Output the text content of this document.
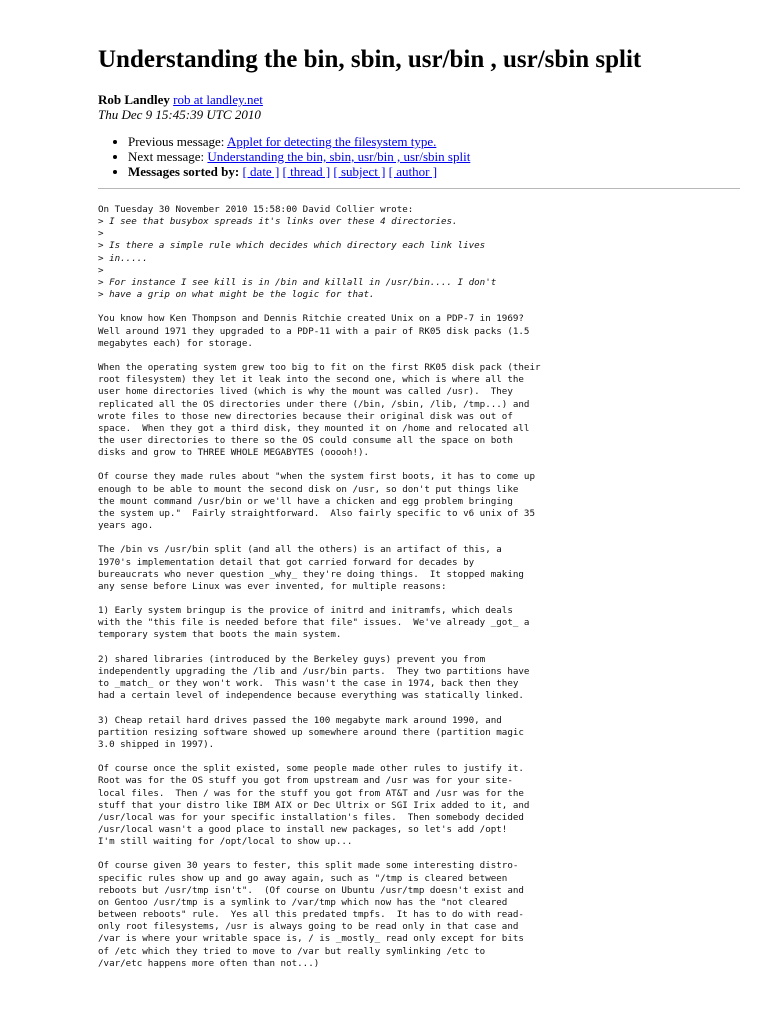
Understanding the bin, sbin, usr/bin , usr/sbin split
Rob Landley rob at landley.net
Thu Dec 9 15:45:39 UTC 2010
• Previous message: Applet for detecting the filesystem type.
• Next message: Understanding the bin, sbin, usr/bin , usr/sbin split
• Messages sorted by: [ date ] [ thread ] [ subject ] [ author ]
On Tuesday 30 November 2010 15:58:00 David Collier wrote:
> I see that busybox spreads it's links over these 4 directories.
>
> Is there a simple rule which decides which directory each link lives
> in.....
>
> For instance I see kill is in /bin and killall in /usr/bin.... I don't
> have a grip on what might be the logic for that.

You know how Ken Thompson and Dennis Ritchie created Unix on a PDP-7 in 1969?
Well around 1971 they upgraded to a PDP-11 with a pair of RK05 disk packs (1.5
megabytes each) for storage.

When the operating system grew too big to fit on the first RK05 disk pack (their
root filesystem) they let it leak into the second one, which is where all the
user home directories lived (which is why the mount was called /usr).  They
replicated all the OS directories under there (/bin, /sbin, /lib, /tmp...) and
wrote files to those new directories because their original disk was out of
space.  When they got a third disk, they mounted it on /home and relocated all
the user directories to there so the OS could consume all the space on both
disks and grow to THREE WHOLE MEGABYTES (ooooh!).

Of course they made rules about "when the system first boots, it has to come up
enough to be able to mount the second disk on /usr, so don't put things like
the mount command /usr/bin or we'll have a chicken and egg problem bringing
the system up."  Fairly straightforward.  Also fairly specific to v6 unix of 35
years ago.

The /bin vs /usr/bin split (and all the others) is an artifact of this, a
1970's implementation detail that got carried forward for decades by
bureaucrats who never question _why_ they're doing things.  It stopped making
any sense before Linux was ever invented, for multiple reasons:

1) Early system bringup is the provice of initrd and initramfs, which deals
with the "this file is needed before that file" issues.  We've already _got_ a
temporary system that boots the main system.

2) shared libraries (introduced by the Berkeley guys) prevent you from
independently upgrading the /lib and /usr/bin parts.  They two partitions have
to _match_ or they won't work.  This wasn't the case in 1974, back then they
had a certain level of independence because everything was statically linked.

3) Cheap retail hard drives passed the 100 megabyte mark around 1990, and
partition resizing software showed up somewhere around there (partition magic
3.0 shipped in 1997).

Of course once the split existed, some people made other rules to justify it.
Root was for the OS stuff you got from upstream and /usr was for your site-
local files.  Then / was for the stuff you got from AT&T and /usr was for the
stuff that your distro like IBM AIX or Dec Ultrix or SGI Irix added to it, and
/usr/local was for your specific installation's files.  Then somebody decided
/usr/local wasn't a good place to install new packages, so let's add /opt!
I'm still waiting for /opt/local to show up...

Of course given 30 years to fester, this split made some interesting distro-
specific rules show up and go away again, such as "/tmp is cleared between
reboots but /usr/tmp isn't".  (Of course on Ubuntu /usr/tmp doesn't exist and
on Gentoo /usr/tmp is a symlink to /var/tmp which now has the "not cleared
between reboots" rule.  Yes all this predated tmpfs.  It has to do with read-
only root filesystems, /usr is always going to be read only in that case and
/var is where your writable space is, / is _mostly_ read only except for bits
of /etc which they tried to move to /var but really symlinking /etc to
/var/etc happens more often than not...)
